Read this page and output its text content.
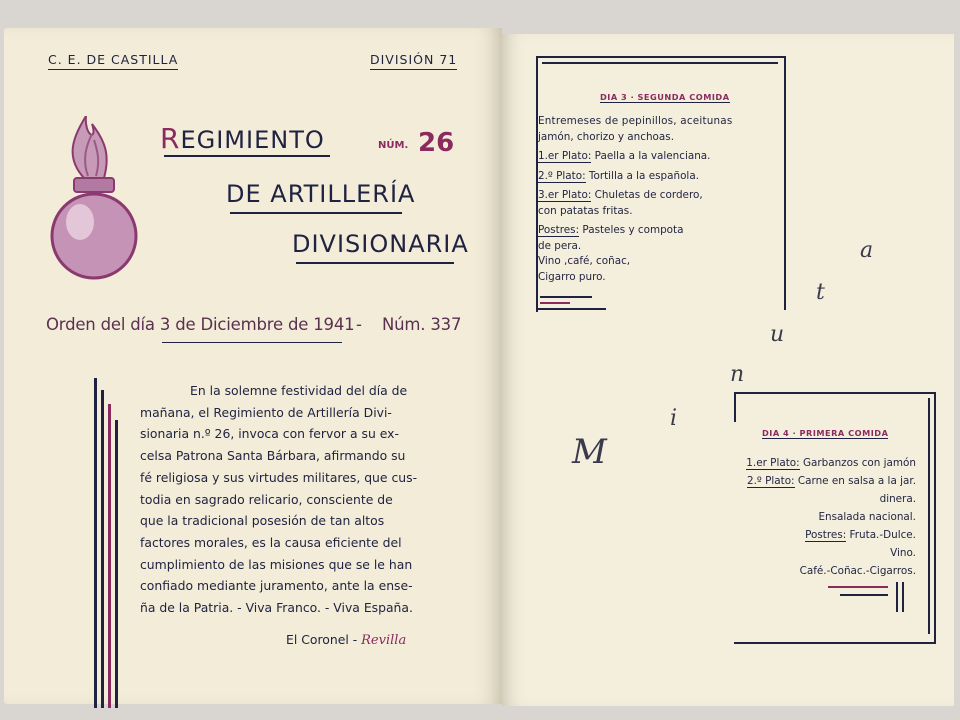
C. E. DE CASTILLA	DIVISIÓN 71
REGIMIENTO	NÚM. 26
DE ARTILLERÍA
DIVISIONARIA
Orden del día 3 de Diciembre de 1941 - Núm. 337
En la solemne festividad del día de
mañana, el Regimiento de Artillería Divi-
sionaria n.º 26, invoca con fervor a su ex-
celsa Patrona Santa Bárbara, afirmando su
fé religiosa y sus virtudes militares, que cus-
todia en sagrado relicario, consciente de
que la tradicional posesión de tan altos
factores morales, es la causa eficiente del
cumplimiento de las misiones que se le han
confiado mediante juramento, ante la ense-
ña de la Patria. - Viva Franco. - Viva España.
El Coronel - Revilla
DIA 3 · SEGUNDA COMIDA
Entremeses de pepinillos, aceitunas
jamón, chorizo y anchoas.
1.er Plato: Paella a la valenciana.
2.º Plato: Tortilla a la española.
3.er Plato: Chuletas de cordero,
con patatas fritas.
Postres: Pasteles y compota
de pera.
Vino ,café, coñac,
Cigarro puro.
M
i
n
u
t
a
DIA 4 · PRIMERA COMIDA
1.er Plato: Garbanzos con jamón
2.º Plato: Carne en salsa a la jar.
dinera.
Ensalada nacional.
Postres: Fruta.-Dulce.
Vino.
Café.-Coñac.-Cigarros.
